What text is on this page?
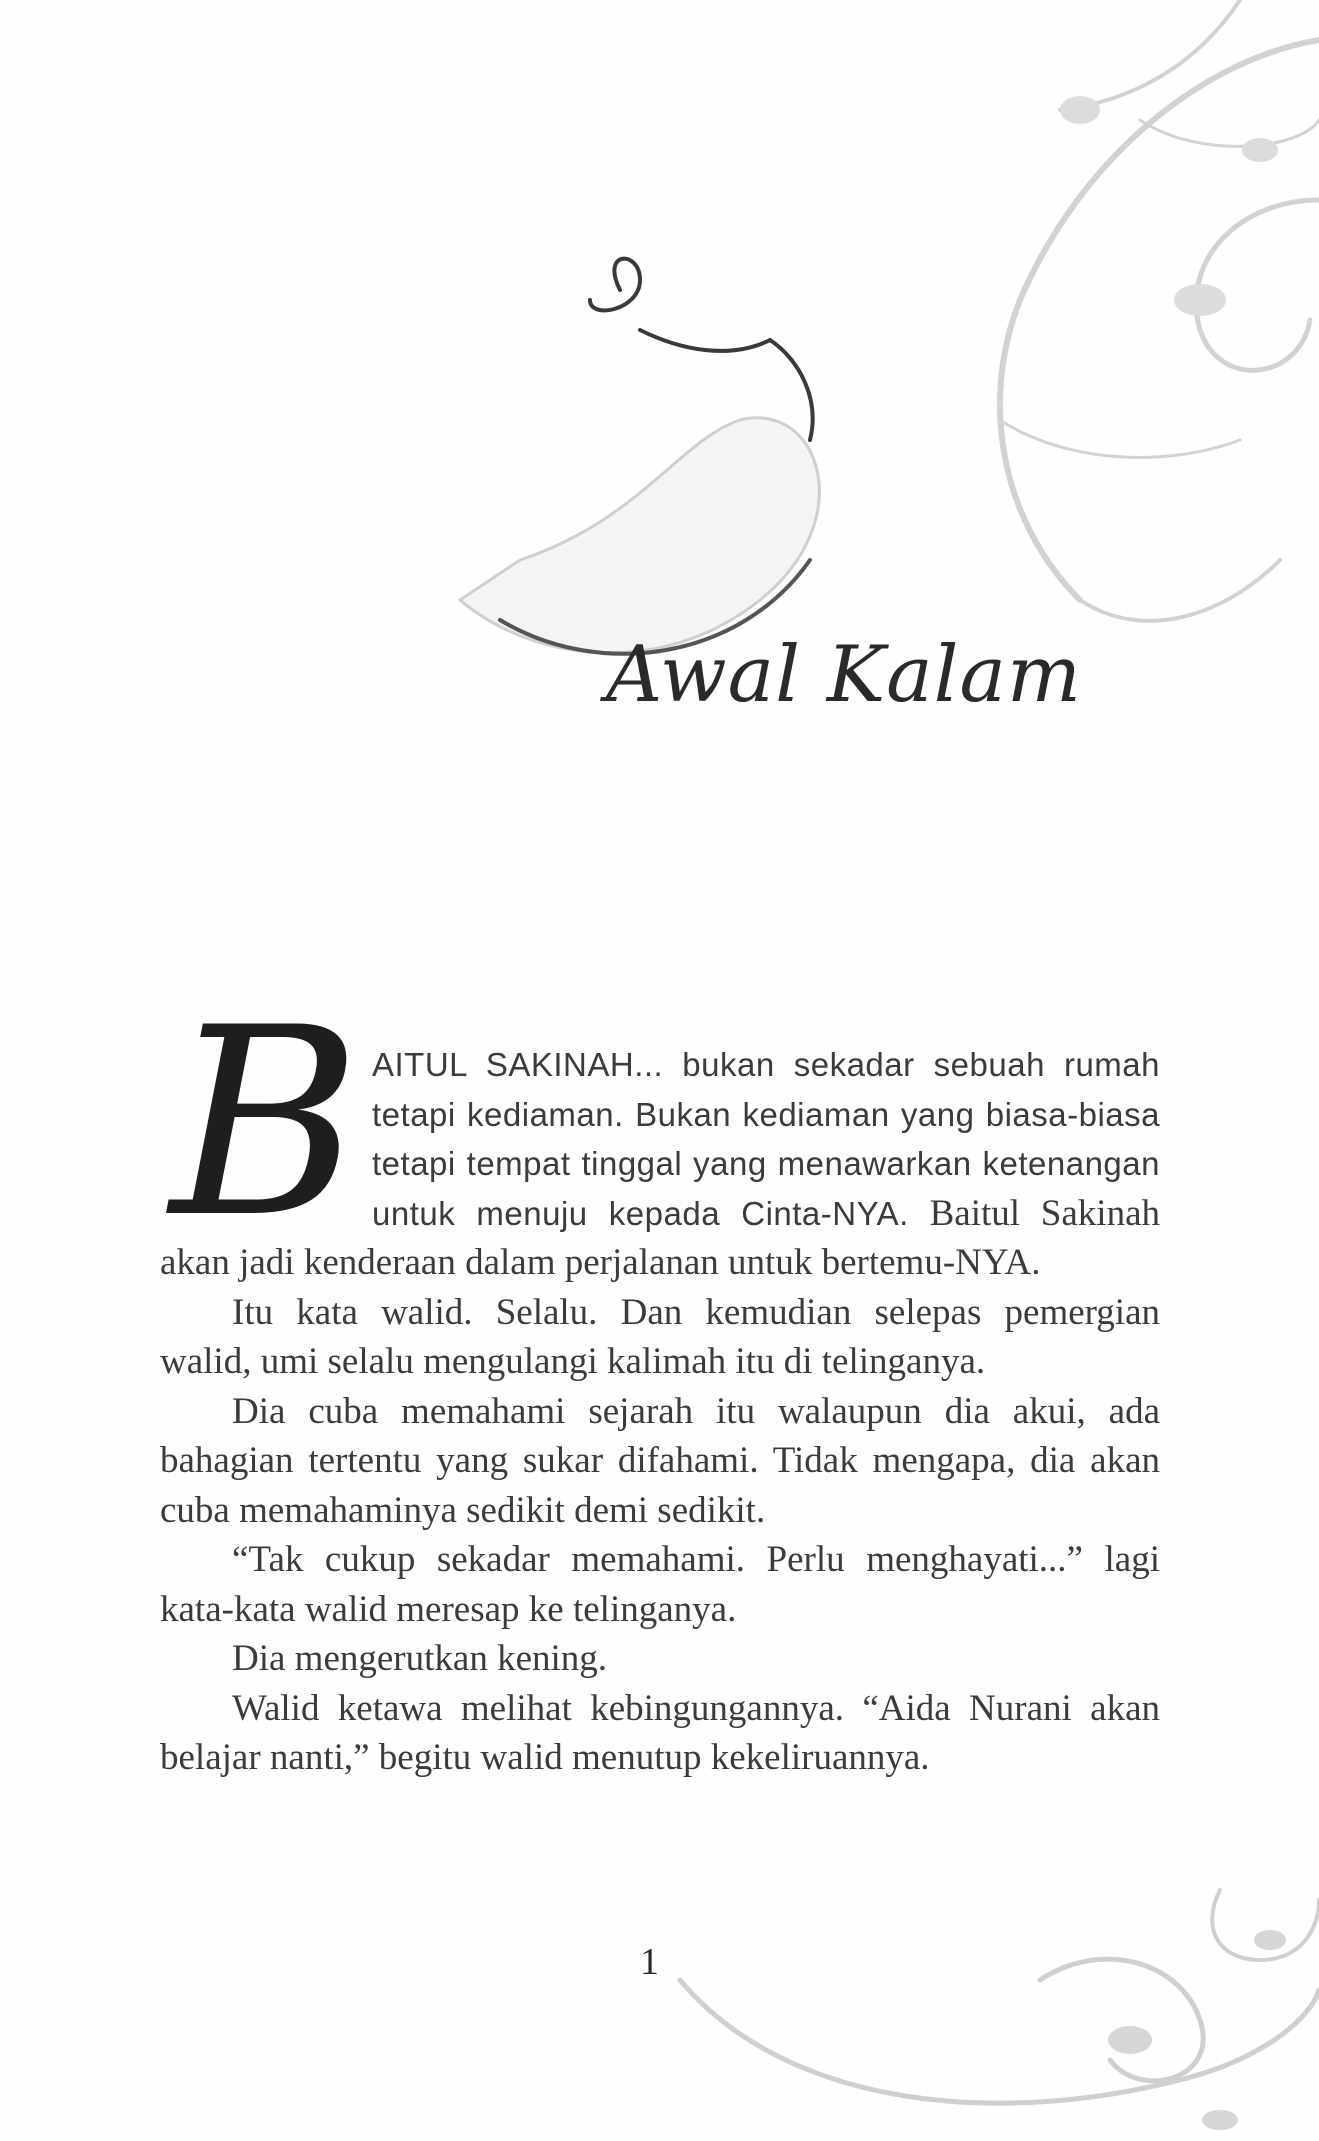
Awal Kalam

B AITUL SAKINAH... bukan sekadar sebuah rumah tetapi kediaman. Bukan kediaman yang biasa-biasa tetapi tempat tinggal yang menawarkan ketenangan untuk menuju kepada Cinta-NYA. Baitul Sakinah akan jadi kenderaan dalam perjalanan untuk bertemu-NYA.

Itu kata walid. Selalu. Dan kemudian selepas pemergian walid, umi selalu mengulangi kalimah itu di telinganya.

Dia cuba memahami sejarah itu walaupun dia akui, ada bahagian tertentu yang sukar difahami. Tidak mengapa, dia akan cuba memahaminya sedikit demi sedikit.

“Tak cukup sekadar memahami. Perlu menghayati...” lagi kata-kata walid meresap ke telinganya.

Dia mengerutkan kening.

Walid ketawa melihat kebingungannya. “Aida Nurani akan belajar nanti,” begitu walid menutup kekeliruannya.

1
